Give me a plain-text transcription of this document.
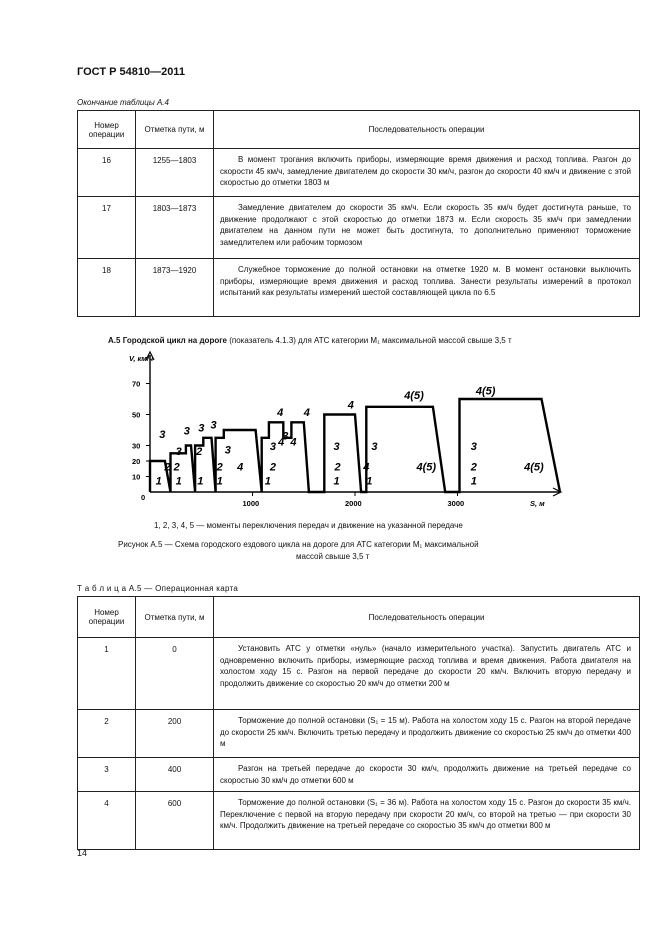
ГОСТ Р 54810—2011
Окончание таблицы А.4
Номер операции	Отметка пути, м	Последовательность операции
16	1255—1803	В момент трогания включить приборы, измеряющие время движения и расход топлива. Разгон до скорости 45 км/ч, замедление двигателем до скорости 30 км/ч, разгон до скорости 40 км/ч и движение с этой скоростью до отметки 1803 м
17	1803—1873	Замедление двигателем до скорости 35 км/ч. Если скорость 35 км/ч будет достигнута раньше, то движение продолжают с этой скоростью до отметки 1873 м. Если скорость 35 км/ч при замедлении двигателем на данном пути не может быть достигнута, то дополнительно применяют торможение замедлителем или рабочим тормозом
18	1873—1920	Служебное торможение до полной остановки на отметке 1920 м. В момент остановки выключить приборы, измеряющие время движения и расход топлива. Занести результаты измерений в протокол испытаний как результаты измерений шестой составляющей цикла по 6.5
А.5 Городской цикл на дороге (показатель 4.1.3) для АТС категории M₁ максимальной массой свыше 3,5 т
V, км/ч
S, м
0
10
20
30
50
70
1000	2000	3000
1
2
3
1
2
3
1
2
3 3 3
1
2
3
4
1
2
3
4
4
3
4
4
1
2
3
4
1
3
4
4(5)
4(5)
1
2
3
4(5)
4(5)
1, 2, 3, 4, 5 — моменты переключения передач и движение на указанной передаче
Рисунок А.5 — Схема городского ездового цикла на дороге для АТС категории M₁ максимальной
массой свыше 3,5 т
Т а б л и ц а А.5 — Операционная карта
Номер операции	Отметка пути, м	Последовательность операции
1	0	Установить АТС у отметки «нуль» (начало измерительного участка). Запустить двигатель АТС и одновременно включить приборы, измеряющие расход топлива и время движения. Работа двигателя на холостом ходу 15 с. Разгон на первой передаче до скорости 20 км/ч. Включить вторую передачу и продолжить движение со скоростью 20 км/ч до отметки 200 м
2	200	Торможение до полной остановки (S₁ = 15 м). Работа на холостом ходу 15 с. Разгон на второй передаче до скорости 25 км/ч. Включить третью передачу и продолжить движение со скоростью 25 км/ч до отметки 400 м
3	400	Разгон на третьей передаче до скорости 30 км/ч, продолжить движение на третьей передаче со скоростью 30 км/ч до отметки 600 м
4	600	Торможение до полной остановки (S₁ = 36 м). Работа на холостом ходу 15 с. Разгон до скорости 35 км/ч. Переключение с первой на вторую передачу при скорости 20 км/ч, со второй на третью — при скорости 30 км/ч. Продолжить движение на третьей передаче со скоростью 35 км/ч до отметки 800 м
14
